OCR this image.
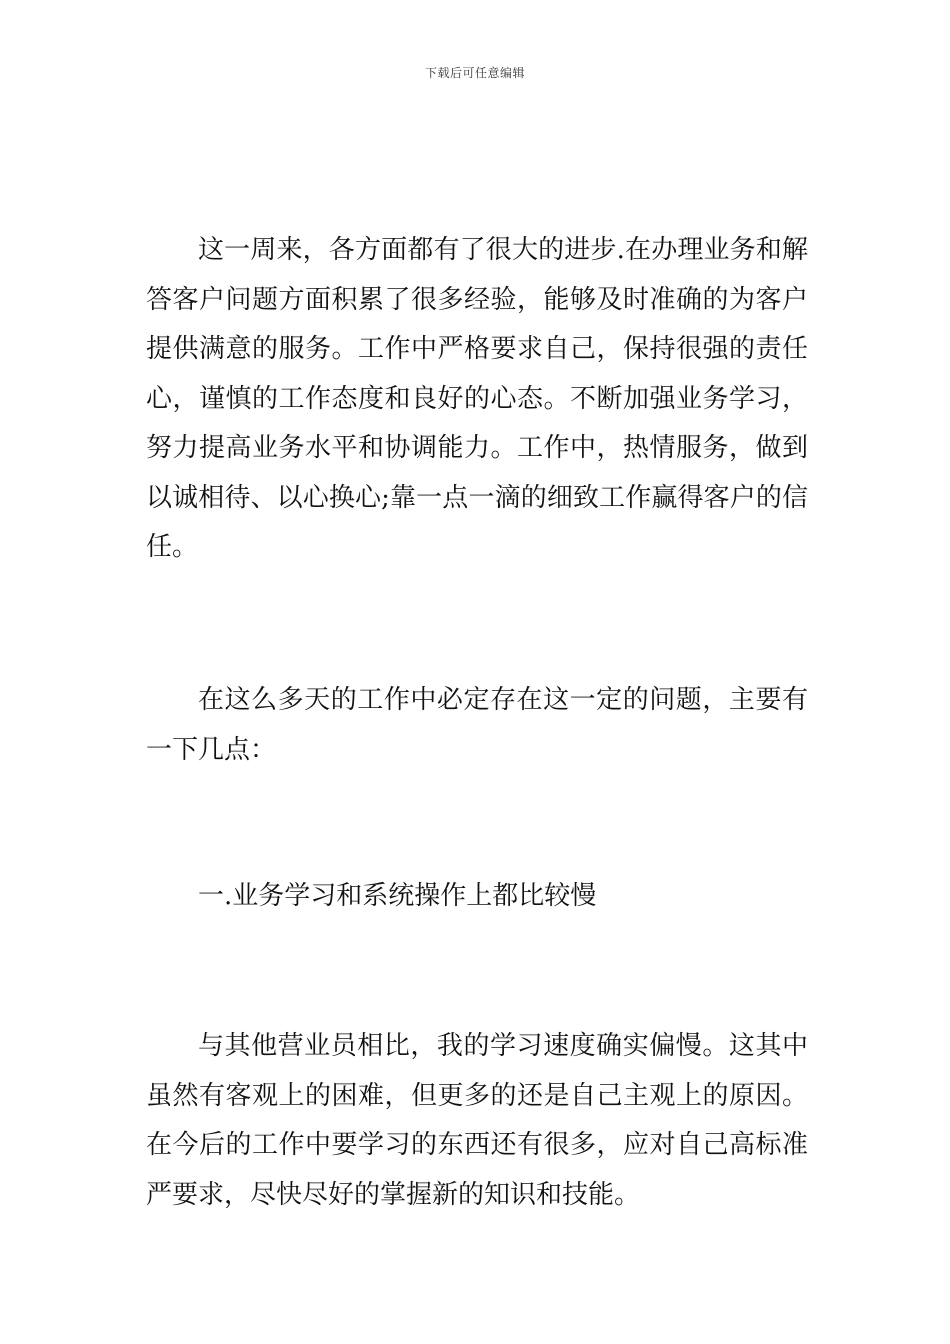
下载后可任意编辑

这一周来，各方面都有了很大的进步.在办理业务和解答客户问题方面积累了很多经验，能够及时准确的为客户提供满意的服务。工作中严格要求自己，保持很强的责任心，谨慎的工作态度和良好的心态。不断加强业务学习，努力提高业务水平和协调能力。工作中，热情服务，做到以诚相待、以心换心;靠一点一滴的细致工作赢得客户的信任。

在这么多天的工作中必定存在这一定的问题，主要有一下几点：

一.业务学习和系统操作上都比较慢

与其他营业员相比，我的学习速度确实偏慢。这其中虽然有客观上的困难，但更多的还是自己主观上的原因。在今后的工作中要学习的东西还有很多，应对自己高标准严要求，尽快尽好的掌握新的知识和技能。
